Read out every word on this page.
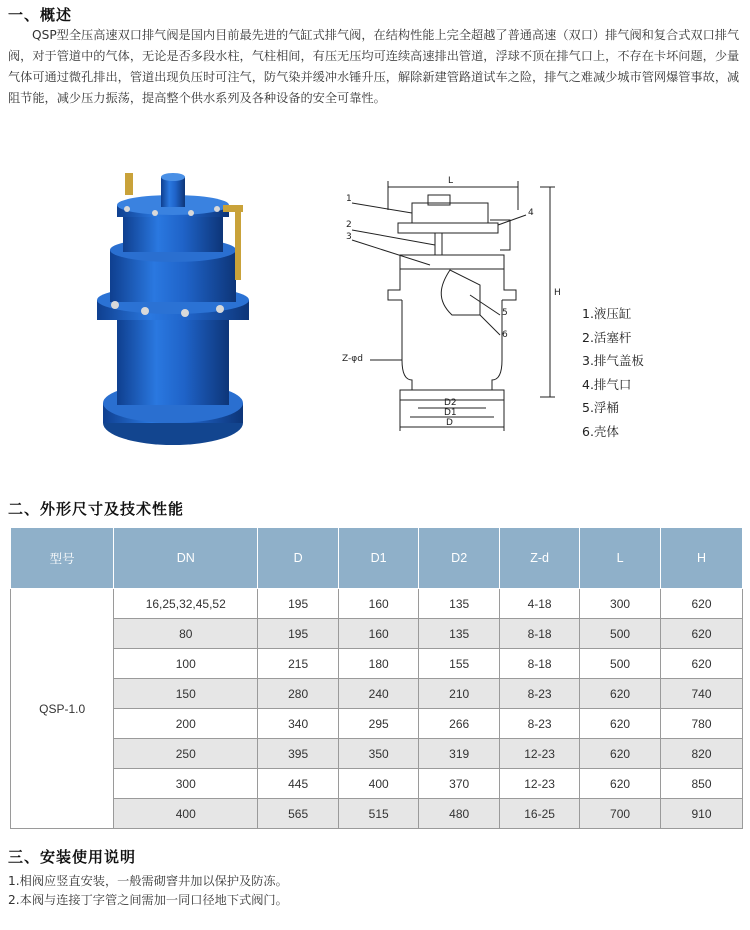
一、概述
QSP型全压高速双口排气阀是国内目前最先进的气缸式排气阀，在结构性能上完全超越了普通高速（双口）排气阀和复合式双口排气阀，对于管道中的气体，无论是否多段水柱，气柱相间，有压无压均可连续高速排出管道，浮球不顶在排气口上，不存在卡坏问题，少量气体可通过微孔排出，管道出现负压时可注气，防气染并缓冲水锤升压，解除新建管路道试车之险，排气之难减少城市管网爆管事故，减阻节能，减少压力振荡，提高整个供水系列及各种设备的安全可靠性。
L
H
Z-φd
D2
D1
D
1
2
3
4
5
6
1.液压缸
2.活塞杆
3.排气盖板
4.排气口
5.浮桶
6.壳体
二、外形尺寸及技术性能
型号	DN	D	D1	D2	Z-d	L	H
QSP-1.0	16,25,32,45,52	195	160	135	4-18	300	620
	80	195	160	135	8-18	500	620
	100	215	180	155	8-18	500	620
	150	280	240	210	8-23	620	740
	200	340	295	266	8-23	620	780
	250	395	350	319	12-23	620	820
	300	445	400	370	12-23	620	850
	400	565	515	480	16-25	700	910
三、安装使用说明
1.相阀应竖直安装，一般需砌窨井加以保护及防冻。
2.本阀与连接丁字管之间需加一同口径地下式阀门。
